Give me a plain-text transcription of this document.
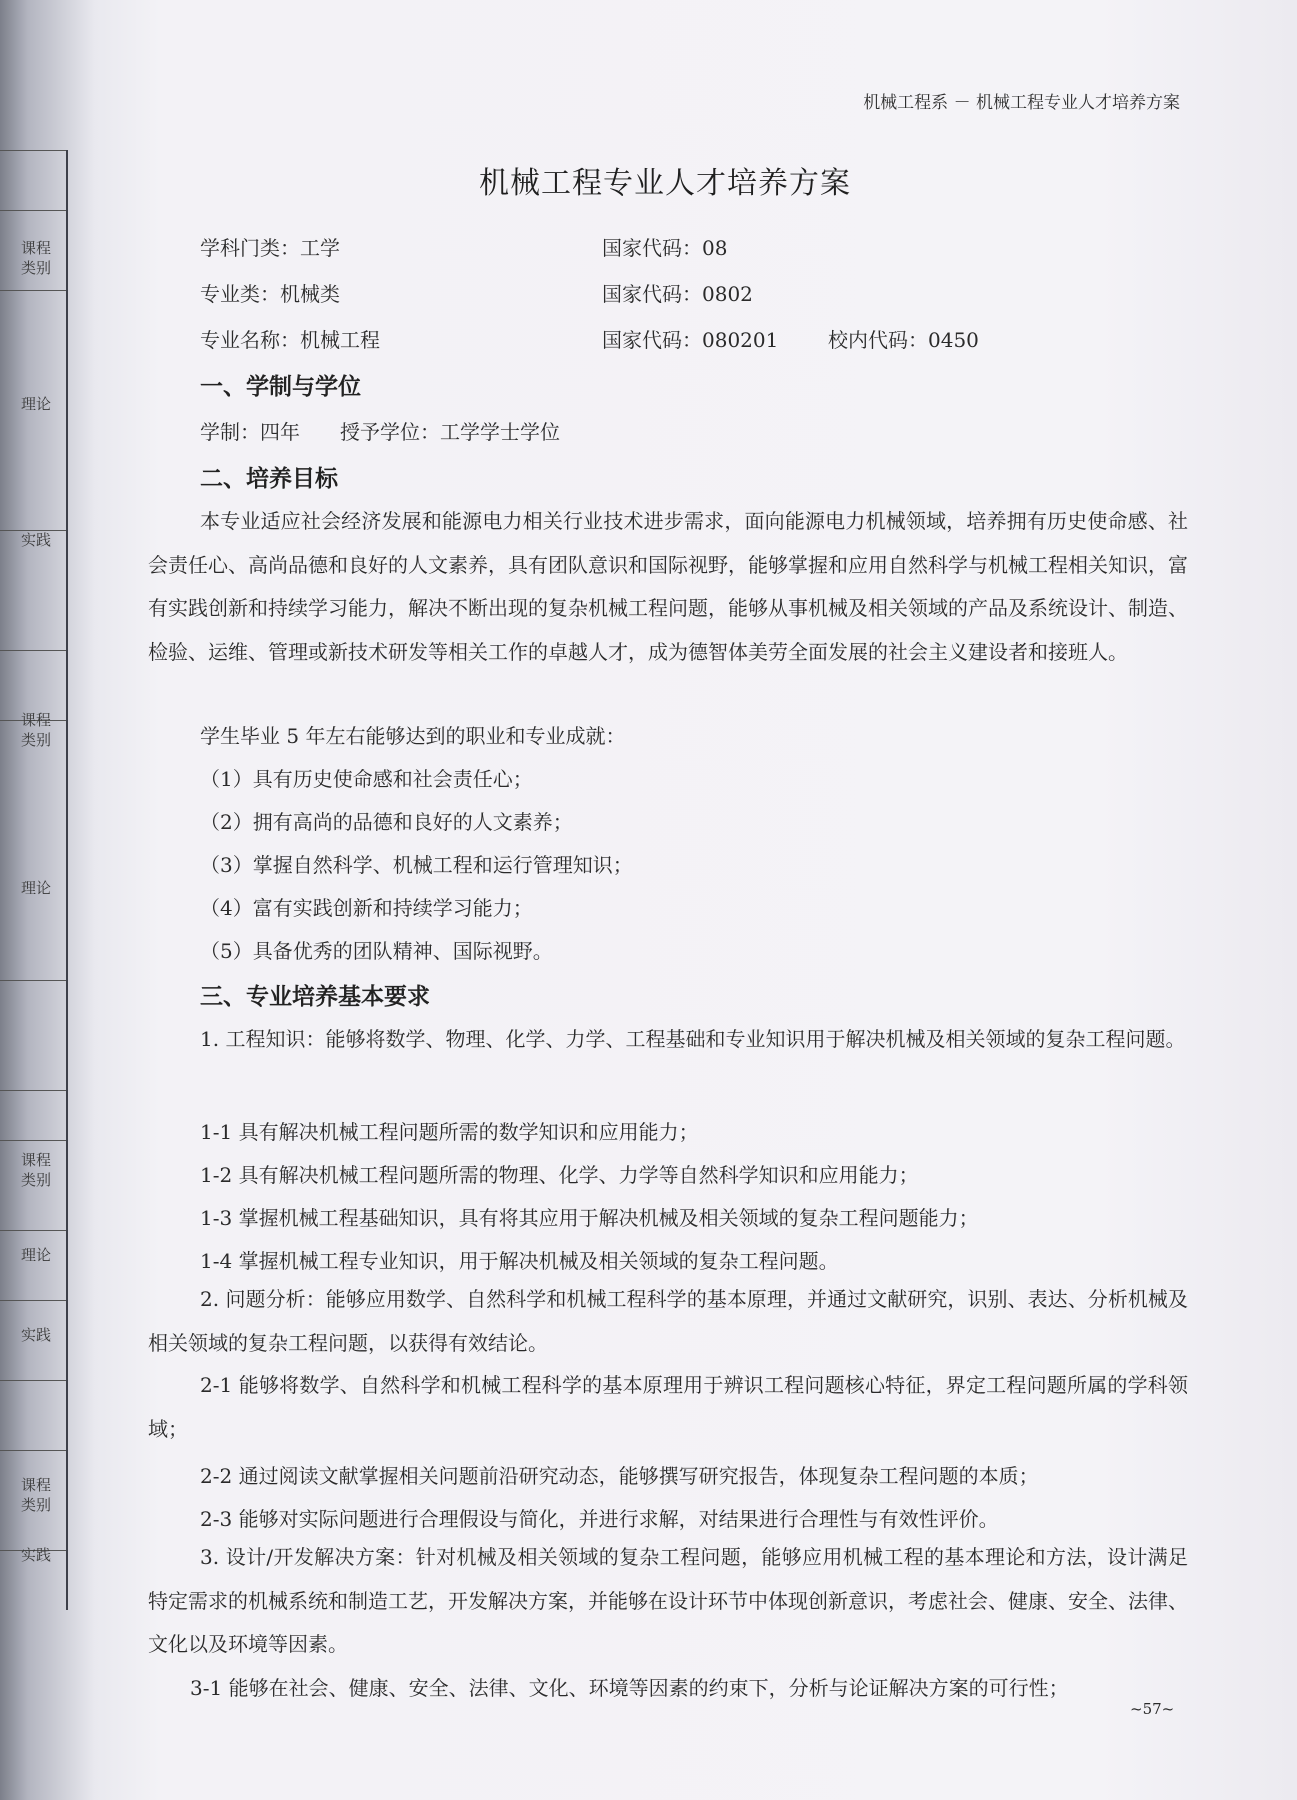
课程类别
理论
实践
课程类别
理论
课程类别
理论
实践
课程类别
实践
机械工程系 － 机械工程专业人才培养方案
机械工程专业人才培养方案
学科门类：工学	国家代码：08
专业类：机械类	国家代码：0802
专业名称：机械工程	国家代码：080201 校内代码：0450
一、学制与学位
学制：四年　　授予学位：工学学士学位
二、培养目标
本专业适应社会经济发展和能源电力相关行业技术进步需求，面向能源电力机械领域，培养拥有历史使命感、社会责任心、高尚品德和良好的人文素养，具有团队意识和国际视野，能够掌握和应用自然科学与机械工程相关知识，富有实践创新和持续学习能力，解决不断出现的复杂机械工程问题，能够从事机械及相关领域的产品及系统设计、制造、检验、运维、管理或新技术研发等相关工作的卓越人才，成为德智体美劳全面发展的社会主义建设者和接班人。
学生毕业 5 年左右能够达到的职业和专业成就：
（1）具有历史使命感和社会责任心；
（2）拥有高尚的品德和良好的人文素养；
（3）掌握自然科学、机械工程和运行管理知识；
（4）富有实践创新和持续学习能力；
（5）具备优秀的团队精神、国际视野。
三、专业培养基本要求
1. 工程知识：能够将数学、物理、化学、力学、工程基础和专业知识用于解决机械及相关领域的复杂工程问题。
1-1 具有解决机械工程问题所需的数学知识和应用能力；
1-2 具有解决机械工程问题所需的物理、化学、力学等自然科学知识和应用能力；
1-3 掌握机械工程基础知识，具有将其应用于解决机械及相关领域的复杂工程问题能力；
1-4 掌握机械工程专业知识，用于解决机械及相关领域的复杂工程问题。
2. 问题分析：能够应用数学、自然科学和机械工程科学的基本原理，并通过文献研究，识别、表达、分析机械及相关领域的复杂工程问题，以获得有效结论。
2-1 能够将数学、自然科学和机械工程科学的基本原理用于辨识工程问题核心特征，界定工程问题所属的学科领域；
2-2 通过阅读文献掌握相关问题前沿研究动态，能够撰写研究报告，体现复杂工程问题的本质；
2-3 能够对实际问题进行合理假设与简化，并进行求解，对结果进行合理性与有效性评价。
3. 设计/开发解决方案：针对机械及相关领域的复杂工程问题，能够应用机械工程的基本理论和方法，设计满足特定需求的机械系统和制造工艺，开发解决方案，并能够在设计环节中体现创新意识，考虑社会、健康、安全、法律、文化以及环境等因素。
3-1 能够在社会、健康、安全、法律、文化、环境等因素的约束下，分析与论证解决方案的可行性；
~57~
